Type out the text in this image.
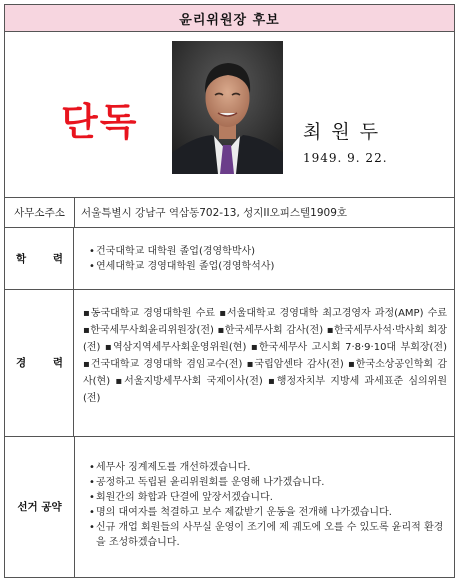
윤리위원장 후보
단독	최원두
1949. 9. 22.
사무소주소	서울특별시 강남구 역삼동702-13, 성지ⅠⅠ오피스텔1909호
학	력
• 건국대학교 대학원 졸업(경영학박사)
• 연세대학교 경영대학원 졸업(경영학석사)
경	력
▪동국대학교 경영대학원 수료 ▪서울대학교 경영대학 최고경영자 과정(AMP) 수료 ▪한국세무사회윤리위원장(전) ▪한국세무사회 감사(전) ▪한국세무사석·박사회 회장(전) ▪역삼지역세무사회운영위원(현) ▪한국세무사 고시회 7·8·9·10대 부회장(전) ▪건국대학교 경영대학 겸임교수(전) ▪국립암센타 감사(전) ▪한국소상공인학회 감사(현) ▪서울지방세무사회 국제이사(전) ▪행정자치부 지방세 과세표준 심의위원(전)
선거 공약
• 세무사 징계제도를 개선하겠습니다.
• 공정하고 독립된 윤리위원회를 운영해 나가겠습니다.
• 회원간의 화합과 단결에 앞장서겠습니다.
• 명의 대여자를 척결하고 보수 제값받기 운동을 전개해 나가겠습니다.
• 신규 개업 회원들의 사무실 운영이 조기에 제 궤도에 오를 수 있도록 윤리적 환경을 조성하겠습니다.
